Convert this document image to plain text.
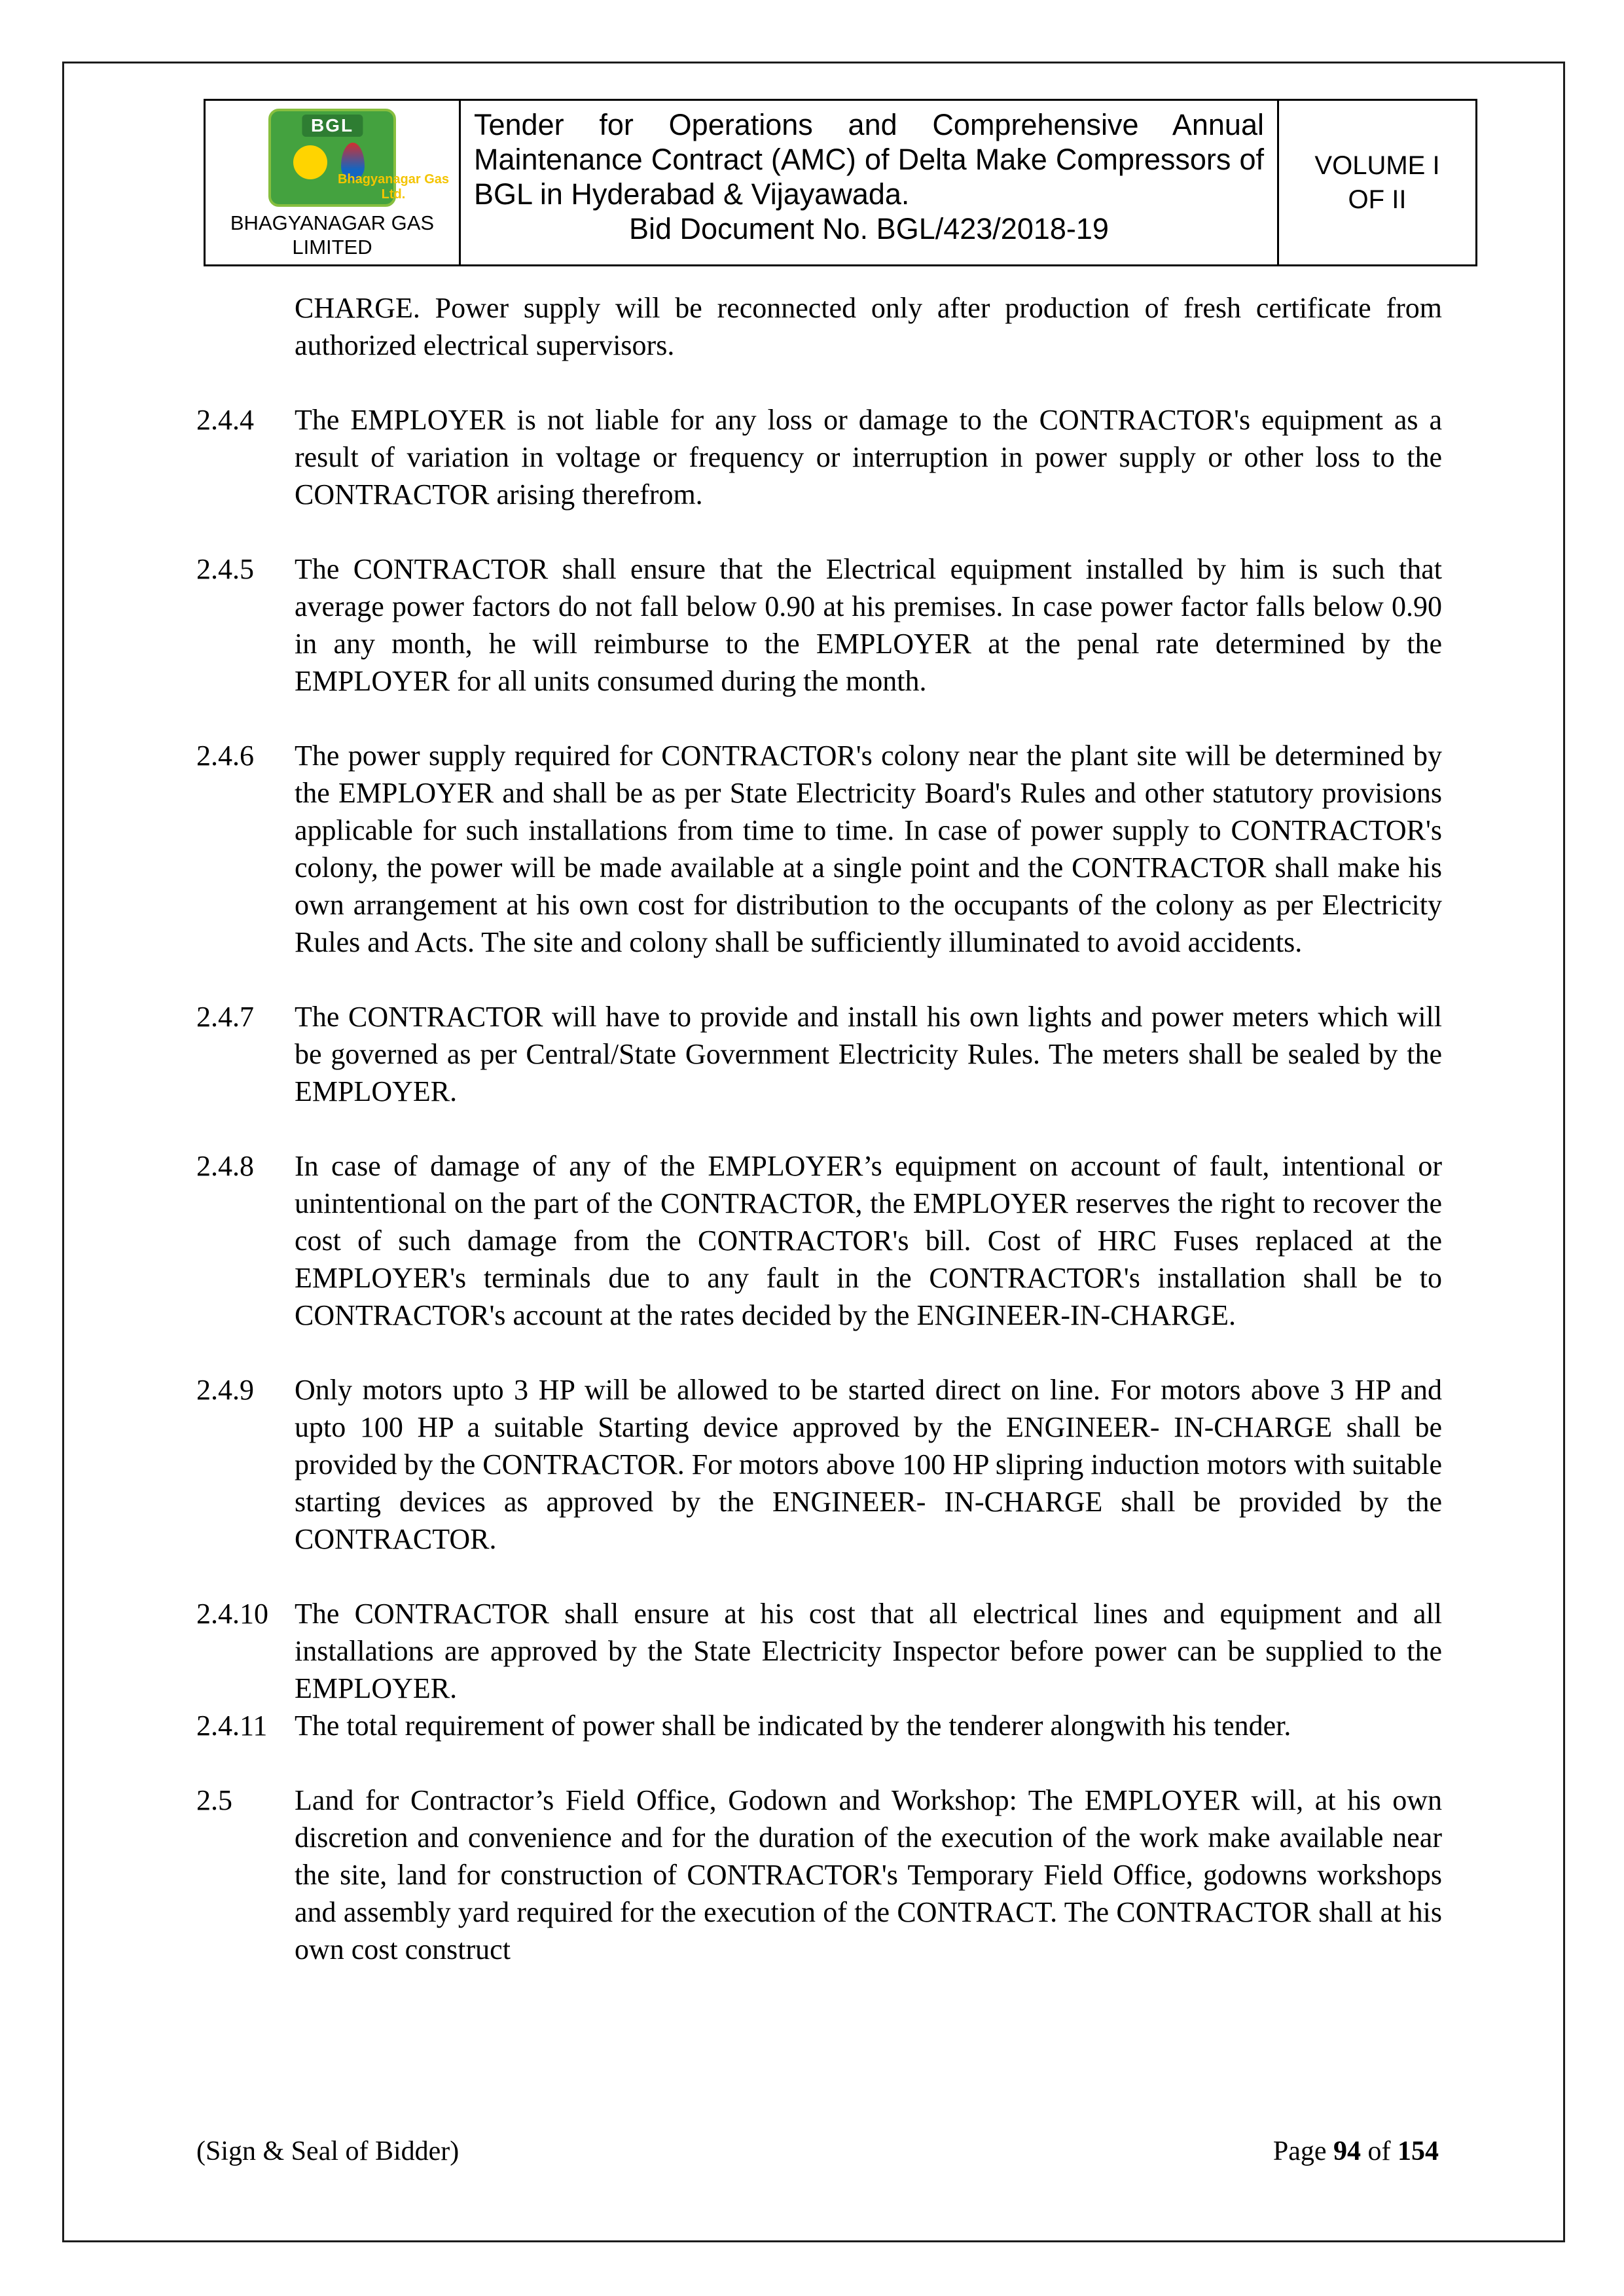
BGL
Bhagyanagar Gas Ltd.
BHAGYANAGAR GAS LIMITED

Tender for Operations and Comprehensive Annual Maintenance Contract (AMC) of Delta Make Compressors of BGL in Hyderabad & Vijayawada.

Bid Document No. BGL/423/2018-19

VOLUME I
OF II

CHARGE. Power supply will be reconnected only after production of fresh certificate from authorized electrical supervisors.

2.4.4 The EMPLOYER is not liable for any loss or damage to the CONTRACTOR's equipment as a result of variation in voltage or frequency or interruption in power supply or other loss to the CONTRACTOR arising therefrom.
2.4.5 The CONTRACTOR shall ensure that the Electrical equipment installed by him is such that average power factors do not fall below 0.90 at his premises. In case power factor falls below 0.90 in any month, he will reimburse to the EMPLOYER at the penal rate determined by the EMPLOYER for all units consumed during the month.
2.4.6 The power supply required for CONTRACTOR's colony near the plant site will be determined by the EMPLOYER and shall be as per State Electricity Board's Rules and other statutory provisions applicable for such installations from time to time. In case of power supply to CONTRACTOR's colony, the power will be made available at a single point and the CONTRACTOR shall make his own arrangement at his own cost for distribution to the occupants of the colony as per Electricity Rules and Acts. The site and colony shall be sufficiently illuminated to avoid accidents.
2.4.7 The CONTRACTOR will have to provide and install his own lights and power meters which will be governed as per Central/State Government Electricity Rules. The meters shall be sealed by the EMPLOYER.
2.4.8 In case of damage of any of the EMPLOYER’s equipment on account of fault, intentional or unintentional on the part of the CONTRACTOR, the EMPLOYER reserves the right to recover the cost of such damage from the CONTRACTOR's bill. Cost of HRC Fuses replaced at the EMPLOYER's terminals due to any fault in the CONTRACTOR's installation shall be to CONTRACTOR's account at the rates decided by the ENGINEER-IN-CHARGE.
2.4.9 Only motors upto 3 HP will be allowed to be started direct on line. For motors above 3 HP and upto 100 HP a suitable Starting device approved by the ENGINEER- IN-CHARGE shall be provided by the CONTRACTOR. For motors above 100 HP slipring induction motors with suitable starting devices as approved by the ENGINEER- IN-CHARGE shall be provided by the CONTRACTOR.
2.4.10 The CONTRACTOR shall ensure at his cost that all electrical lines and equipment and all installations are approved by the State Electricity Inspector before power can be supplied to the EMPLOYER.
2.4.11 The total requirement of power shall be indicated by the tenderer alongwith his tender.
2.5 Land for Contractor’s Field Office, Godown and Workshop: The EMPLOYER will, at his own discretion and convenience and for the duration of the execution of the work make available near the site, land for construction of CONTRACTOR's Temporary Field Office, godowns workshops and assembly yard required for the execution of the CONTRACT. The CONTRACTOR shall at his own cost construct
(Sign & Seal of Bidder)	Page 94 of 154
